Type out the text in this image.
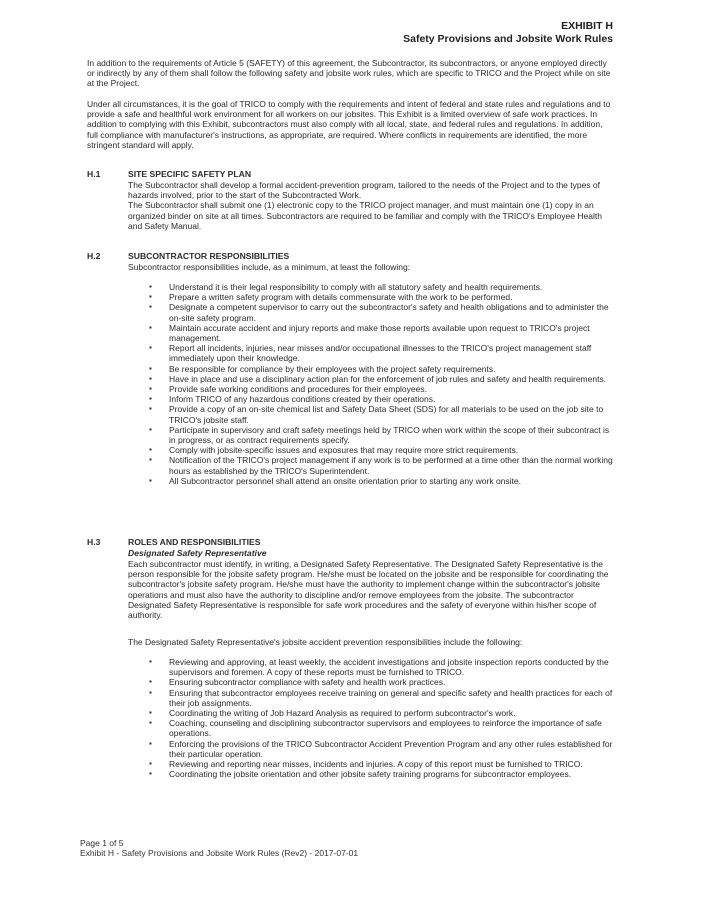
EXHIBIT H
Safety Provisions and Jobsite Work Rules

In addition to the requirements of Article 5 (SAFETY) of this agreement, the Subcontractor, its subcontractors, or anyone employed directly or indirectly by any of them shall follow the following safety and jobsite work rules, which are specific to TRICO and the Project while on site at the Project.

Under all circumstances, it is the goal of TRICO to comply with the requirements and intent of federal and state rules and regulations and to provide a safe and healthful work environment for all workers on our jobsites. This Exhibit is a limited overview of safe work practices. In addition to complying with this Exhibit, subcontractors must also comply with all local, state, and federal rules and regulations. In addition, full compliance with manufacturer's instructions, as appropriate, are required. Where conflicts in requirements are identified, the more stringent standard will apply.

H.1	SITE SPECIFIC SAFETY PLAN

The Subcontractor shall develop a formal accident-prevention program, tailored to the needs of the Project and to the types of hazards involved, prior to the start of the Subcontracted Work.
The Subcontractor shall submit one (1) electronic copy to the TRICO project manager, and must maintain one (1) copy in an organized binder on site at all times. Subcontractors are required to be familiar and comply with the TRICO's Employee Health and Safety Manual.

H.2	SUBCONTRACTOR RESPONSIBILITIES

Subcontractor responsibilities include, as a minimum, at least the following:

▪ Understand it is their legal responsibility to comply with all statutory safety and health requirements.
▪ Prepare a written safety program with details commensurate with the work to be performed.
▪ Designate a competent supervisor to carry out the subcontractor's safety and health obligations and to administer the on-site safety program.
▪ Maintain accurate accident and injury reports and make those reports available upon request to TRICO's project management.
▪ Report all incidents, injuries, near misses and/or occupational illnesses to the TRICO's project management staff immediately upon their knowledge.
▪ Be responsible for compliance by their employees with the project safety requirements.
▪ Have in place and use a disciplinary action plan for the enforcement of job rules and safety and health requirements.
▪ Provide safe working conditions and procedures for their employees.
▪ Inform TRICO of any hazardous conditions created by their operations.
▪ Provide a copy of an on-site chemical list and Safety Data Sheet (SDS) for all materials to be used on the job site to TRICO's jobsite staff.
▪ Participate in supervisory and craft safety meetings held by TRICO when work within the scope of their subcontract is in progress, or as contract requirements specify.
▪ Comply with jobsite-specific issues and exposures that may require more strict requirements.
▪ Notification of the TRICO's project management if any work is to be performed at a time other than the normal working hours as established by the TRICO's Superintendent.
▪ All Subcontractor personnel shall attend an onsite orientation prior to starting any work onsite.
H.3	ROLES AND RESPONSIBILITIES
Designated Safety Representative

Each subcontractor must identify, in writing, a Designated Safety Representative. The Designated Safety Representative is the person responsible for the jobsite safety program. He/she must be located on the jobsite and be responsible for coordinating the subcontractor's jobsite safety program. He/she must have the authority to implement change within the subcontractor's jobsite operations and must also have the authority to discipline and/or remove employees from the jobsite. The subcontractor Designated Safety Representative is responsible for safe work procedures and the safety of everyone within his/her scope of authority.

The Designated Safety Representative's jobsite accident prevention responsibilities include the following:

▪ Reviewing and approving, at least weekly, the accident investigations and jobsite inspection reports conducted by the supervisors and foremen. A copy of these reports must be furnished to TRICO.
▪ Ensuring subcontractor compliance with safety and health work practices.
▪ Ensuring that subcontractor employees receive training on general and specific safety and health practices for each of their job assignments.
▪ Coordinating the writing of Job Hazard Analysis as required to perform subcontractor's work.
▪ Coaching, counseling and disciplining subcontractor supervisors and employees to reinforce the importance of safe operations.
▪ Enforcing the provisions of the TRICO Subcontractor Accident Prevention Program and any other rules established for their particular operation.
▪ Reviewing and reporting near misses, incidents and injuries. A copy of this report must be furnished to TRICO.
▪ Coordinating the jobsite orientation and other jobsite safety training programs for subcontractor employees.
Page 1 of 5
Exhibit H - Safety Provisions and Jobsite Work Rules (Rev2) - 2017-07-01
